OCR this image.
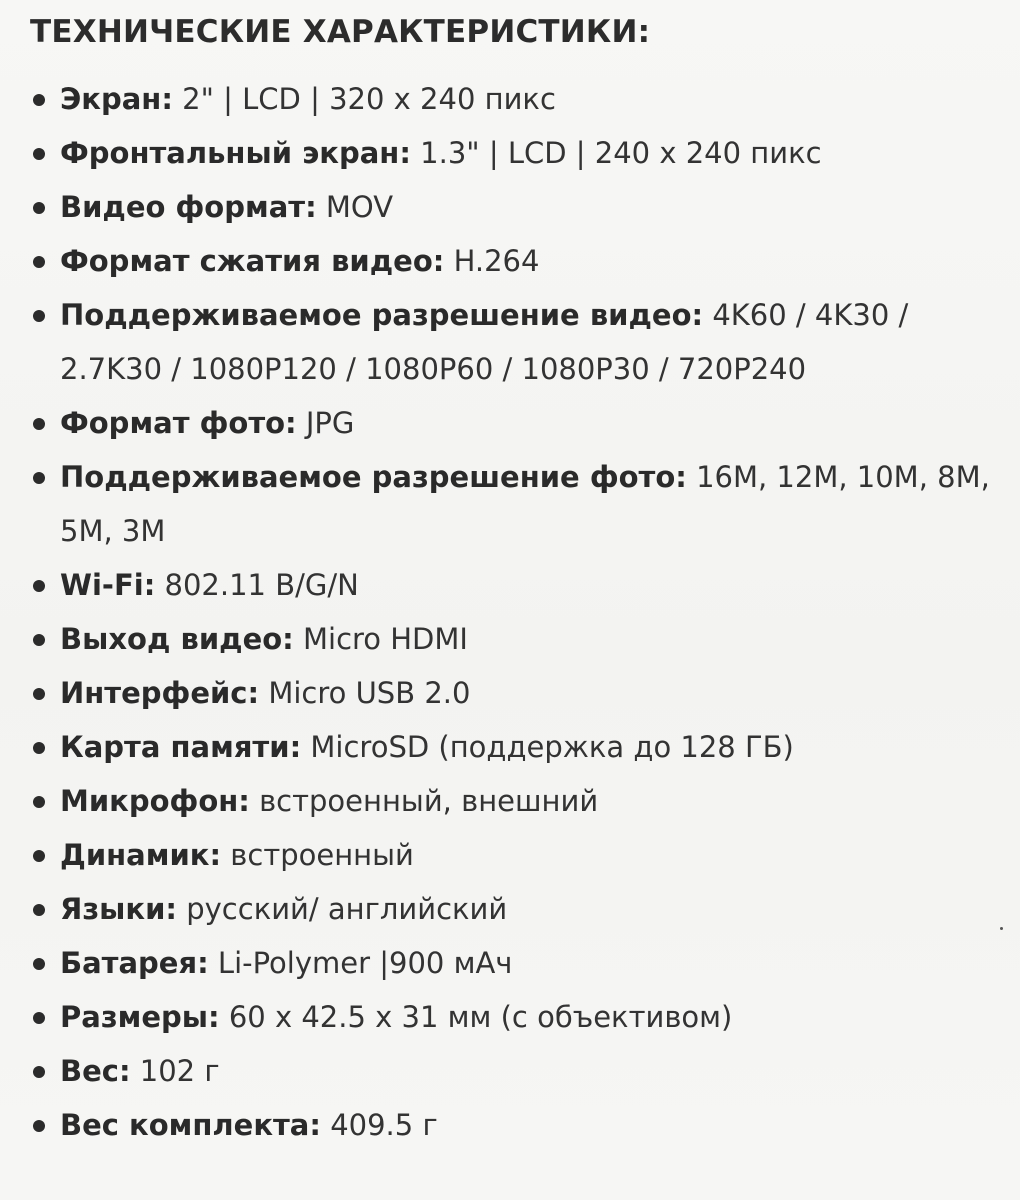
ТЕХНИЧЕСКИЕ ХАРАКТЕРИСТИКИ:
Экран: 2" | LCD | 320 x 240 пикс
Фронтальный экран: 1.3" | LCD | 240 x 240 пикс
Видео формат: MOV
Формат сжатия видео: H.264
Поддерживаемое разрешение видео: 4K60 / 4K30 / 2.7K30 / 1080P120 / 1080P60 / 1080P30 / 720P240
Формат фото: JPG
Поддерживаемое разрешение фото: 16M, 12M, 10M, 8M, 5M, 3M
Wi-Fi: 802.11 B/G/N
Выход видео: Micro HDMI
Интерфейс: Micro USB 2.0
Карта памяти: MicroSD (поддержка до 128 ГБ)
Микрофон: встроенный, внешний
Динамик: встроенный
Языки: русский/ английский
Батарея: Li-Polymer |900 мАч
Размеры: 60 x 42.5 x 31 мм (с объективом)
Вес: 102 г
Вес комплекта: 409.5 г
